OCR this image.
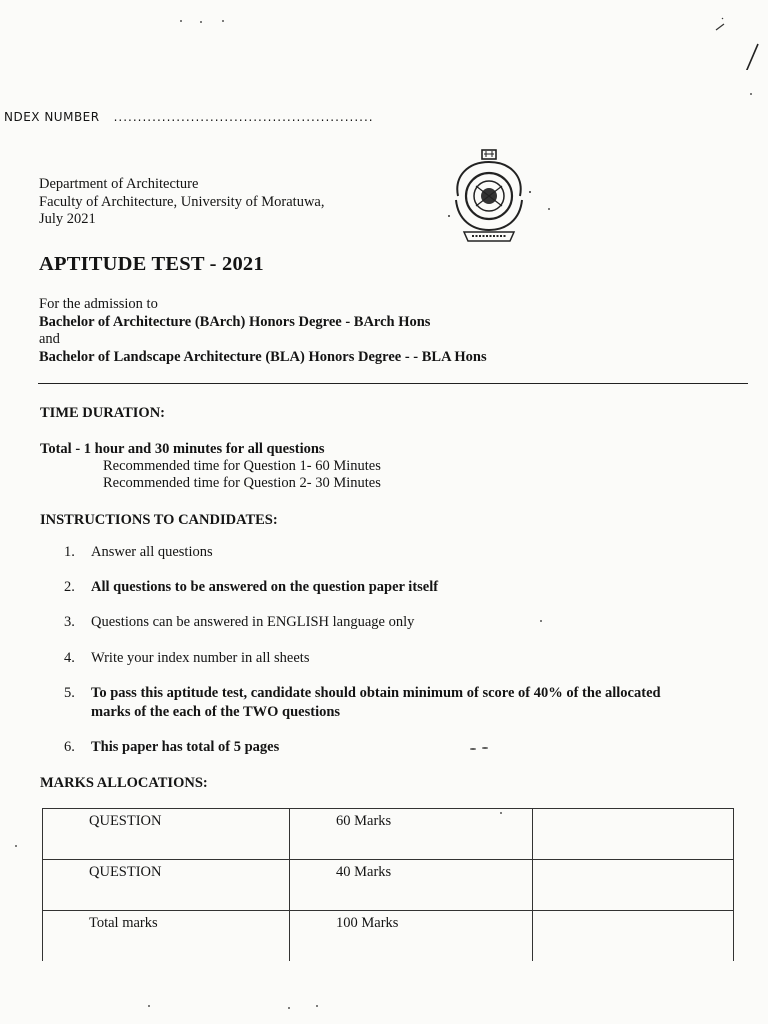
NDEX NUMBER ......................................................
Department of Architecture
Faculty of Architecture, University of Moratuwa,
July 2021
APTITUDE TEST - 2021
For the admission to
Bachelor of Architecture (BArch) Honors Degree - BArch Hons
and
Bachelor of Landscape Architecture (BLA) Honors Degree - - BLA Hons
TIME DURATION:
Total - 1 hour and 30 minutes for all questions
Recommended time for Question 1- 60 Minutes
Recommended time for Question 2- 30 Minutes
INSTRUCTIONS TO CANDIDATES:
1. Answer all questions
2. All questions to be answered on the question paper itself
3. Questions can be answered in ENGLISH language only
4. Write your index number in all sheets
5. To pass this aptitude test, candidate should obtain minimum of score of 40% of the allocated
marks of the each of the TWO questions
6. This paper has total of 5 pages
MARKS ALLOCATIONS:
QUESTION	60 Marks	
QUESTION	40 Marks	
Total marks	100 Marks	
